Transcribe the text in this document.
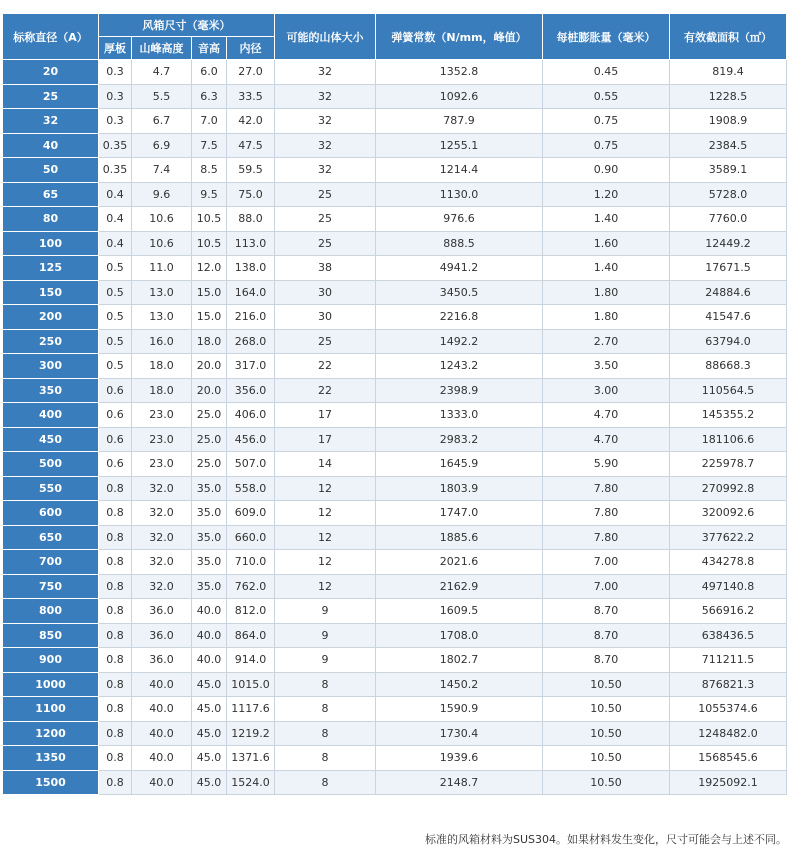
标称直径（A）	风箱尺寸（毫米）				可能的山体大小	弹簧常数（N/mm，峰值）	每桩膨胀量（毫米）	有效截面积（㎡）
	厚板	山峰高度	音高	内径				
20	0.3	4.7	6.0	27.0	32	1352.8	0.45	819.4
25	0.3	5.5	6.3	33.5	32	1092.6	0.55	1228.5
32	0.3	6.7	7.0	42.0	32	787.9	0.75	1908.9
40	0.35	6.9	7.5	47.5	32	1255.1	0.75	2384.5
50	0.35	7.4	8.5	59.5	32	1214.4	0.90	3589.1
65	0.4	9.6	9.5	75.0	25	1130.0	1.20	5728.0
80	0.4	10.6	10.5	88.0	25	976.6	1.40	7760.0
100	0.4	10.6	10.5	113.0	25	888.5	1.60	12449.2
125	0.5	11.0	12.0	138.0	38	4941.2	1.40	17671.5
150	0.5	13.0	15.0	164.0	30	3450.5	1.80	24884.6
200	0.5	13.0	15.0	216.0	30	2216.8	1.80	41547.6
250	0.5	16.0	18.0	268.0	25	1492.2	2.70	63794.0
300	0.5	18.0	20.0	317.0	22	1243.2	3.50	88668.3
350	0.6	18.0	20.0	356.0	22	2398.9	3.00	110564.5
400	0.6	23.0	25.0	406.0	17	1333.0	4.70	145355.2
450	0.6	23.0	25.0	456.0	17	2983.2	4.70	181106.6
500	0.6	23.0	25.0	507.0	14	1645.9	5.90	225978.7
550	0.8	32.0	35.0	558.0	12	1803.9	7.80	270992.8
600	0.8	32.0	35.0	609.0	12	1747.0	7.80	320092.6
650	0.8	32.0	35.0	660.0	12	1885.6	7.80	377622.2
700	0.8	32.0	35.0	710.0	12	2021.6	7.00	434278.8
750	0.8	32.0	35.0	762.0	12	2162.9	7.00	497140.8
800	0.8	36.0	40.0	812.0	9	1609.5	8.70	566916.2
850	0.8	36.0	40.0	864.0	9	1708.0	8.70	638436.5
900	0.8	36.0	40.0	914.0	9	1802.7	8.70	711211.5
1000	0.8	40.0	45.0	1015.0	8	1450.2	10.50	876821.3
1100	0.8	40.0	45.0	1117.6	8	1590.9	10.50	1055374.6
1200	0.8	40.0	45.0	1219.2	8	1730.4	10.50	1248482.0
1350	0.8	40.0	45.0	1371.6	8	1939.6	10.50	1568545.6
1500	0.8	40.0	45.0	1524.0	8	2148.7	10.50	1925092.1
标准的风箱材料为SUS304。如果材料发生变化，尺寸可能会与上述不同。
